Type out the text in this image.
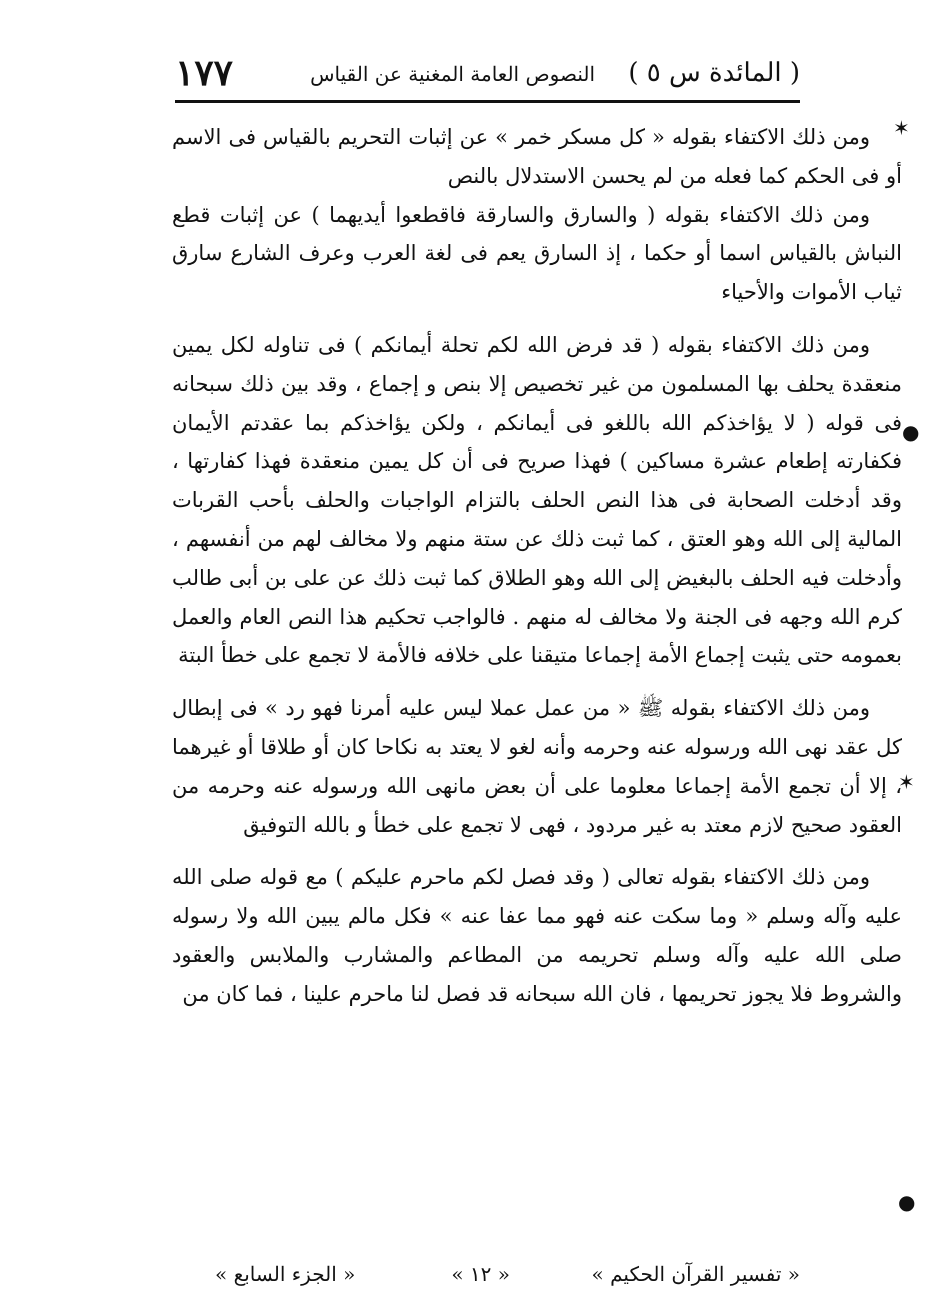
( المائدة س ٥ )
النصوص العامة المغنية عن القياس
١٧٧

ومن ذلك الاكتفاء بقوله « كل مسكر خمر » عن إثبات التحريم بالقياس فى الاسم أو فى الحكم كما فعله من لم يحسن الاستدلال بالنص

ومن ذلك الاكتفاء بقوله ( والسارق والسارقة فاقطعوا أيديهما ) عن إثبات قطع النباش بالقياس اسما أو حكما ، إذ السارق يعم فى لغة العرب وعرف الشارع سارق ثياب الأموات والأحياء

ومن ذلك الاكتفاء بقوله ( قد فرض الله لكم تحلة أيمانكم ) فى تناوله لكل يمين منعقدة يحلف بها المسلمون من غير تخصيص إلا بنص و إجماع ، وقد بين ذلك سبحانه فى قوله ( لا يؤاخذكم الله باللغو فى أيمانكم ، ولكن يؤاخذكم بما عقدتم الأيمان فكفارته إطعام عشرة مساكين ) فهذا صريح فى أن كل يمين منعقدة فهذا كفارتها ، وقد أدخلت الصحابة فى هذا النص الحلف بالتزام الواجبات والحلف بأحب القربات المالية إلى الله وهو العتق ، كما ثبت ذلك عن ستة منهم ولا مخالف لهم من أنفسهم ، وأدخلت فيه الحلف بالبغيض إلى الله وهو الطلاق كما ثبت ذلك عن على بن أبى طالب كرم الله وجهه فى الجنة ولا مخالف له منهم . فالواجب تحكيم هذا النص العام والعمل بعمومه حتى يثبت إجماع الأمة إجماعا متيقنا على خلافه فالأمة لا تجمع على خطأ البتة

ومن ذلك الاكتفاء بقوله ﷺ « من عمل عملا ليس عليه أمرنا فهو رد » فى إبطال كل عقد نهى الله ورسوله عنه وحرمه وأنه لغو لا يعتد به نكاحا كان أو طلاقا أو غيرهما ، إلا أن تجمع الأمة إجماعا معلوما على أن بعض مانهى الله ورسوله عنه وحرمه من العقود صحيح لازم معتد به غير مردود ، فهى لا تجمع على خطأ و بالله التوفيق

ومن ذلك الاكتفاء بقوله تعالى ( وقد فصل لكم ماحرم عليكم ) مع قوله صلى الله عليه وآله وسلم « وما سكت عنه فهو مما عفا عنه » فكل مالم يبين الله ولا رسوله صلى الله عليه وآله وسلم تحريمه من المطاعم والمشارب والملابس والعقود والشروط فلا يجوز تحريمها ، فان الله سبحانه قد فصل لنا ماحرم علينا ، فما كان من

✶
●
✶
●
« تفسير القرآن الحكيم »
« ١٢ »
« الجزء السابع »
